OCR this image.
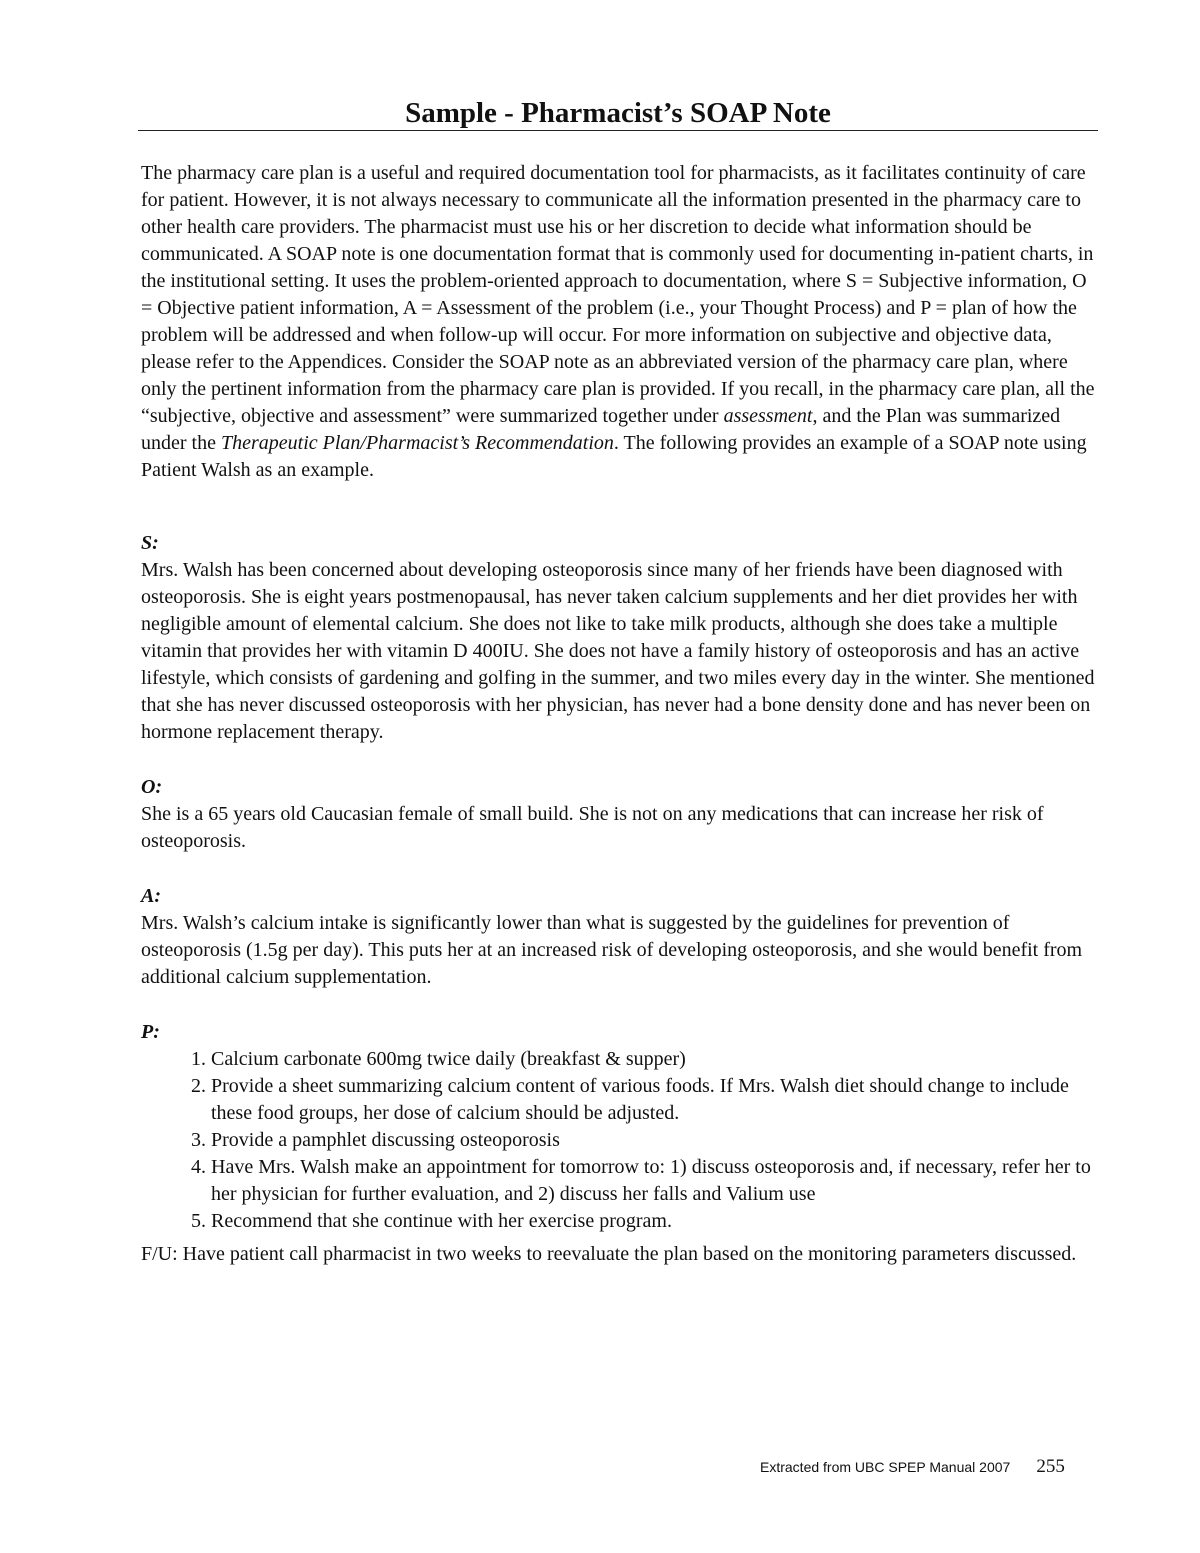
Sample - Pharmacist’s SOAP Note

The pharmacy care plan is a useful and required documentation tool for pharmacists, as it facilitates continuity of care for patient. However, it is not always necessary to communicate all the information presented in the pharmacy care to other health care providers. The pharmacist must use his or her discretion to decide what information should be communicated. A SOAP note is one documentation format that is commonly used for documenting in-patient charts, in the institutional setting. It uses the problem-oriented approach to documentation, where S = Subjective information, O = Objective patient information, A = Assessment of the problem (i.e., your Thought Process) and P = plan of how the problem will be addressed and when follow-up will occur. For more information on subjective and objective data, please refer to the Appendices. Consider the SOAP note as an abbreviated version of the pharmacy care plan, where only the pertinent information from the pharmacy care plan is provided. If you recall, in the pharmacy care plan, all the “subjective, objective and assessment” were summarized together under assessment, and the Plan was summarized under the Therapeutic Plan/Pharmacist’s Recommendation. The following provides an example of a SOAP note using Patient Walsh as an example.

S:

Mrs. Walsh has been concerned about developing osteoporosis since many of her friends have been diagnosed with osteoporosis. She is eight years postmenopausal, has never taken calcium supplements and her diet provides her with negligible amount of elemental calcium. She does not like to take milk products, although she does take a multiple vitamin that provides her with vitamin D 400IU. She does not have a family history of osteoporosis and has an active lifestyle, which consists of gardening and golfing in the summer, and two miles every day in the winter. She mentioned that she has never discussed osteoporosis with her physician, has never had a bone density done and has never been on hormone replacement therapy.

O:

She is a 65 years old Caucasian female of small build. She is not on any medications that can increase her risk of osteoporosis.

A:

Mrs. Walsh’s calcium intake is significantly lower than what is suggested by the guidelines for prevention of osteoporosis (1.5g per day). This puts her at an increased risk of developing osteoporosis, and she would benefit from additional calcium supplementation.

P:

1. Calcium carbonate 600mg twice daily (breakfast & supper)
2. Provide a sheet summarizing calcium content of various foods. If Mrs. Walsh diet should change to include these food groups, her dose of calcium should be adjusted.
3. Provide a pamphlet discussing osteoporosis
4. Have Mrs. Walsh make an appointment for tomorrow to: 1) discuss osteoporosis and, if necessary, refer her to her physician for further evaluation, and 2) discuss her falls and Valium use
5. Recommend that she continue with her exercise program.

F/U: Have patient call pharmacist in two weeks to reevaluate the plan based on the monitoring parameters discussed.

Extracted from UBC SPEP Manual 2007 255
